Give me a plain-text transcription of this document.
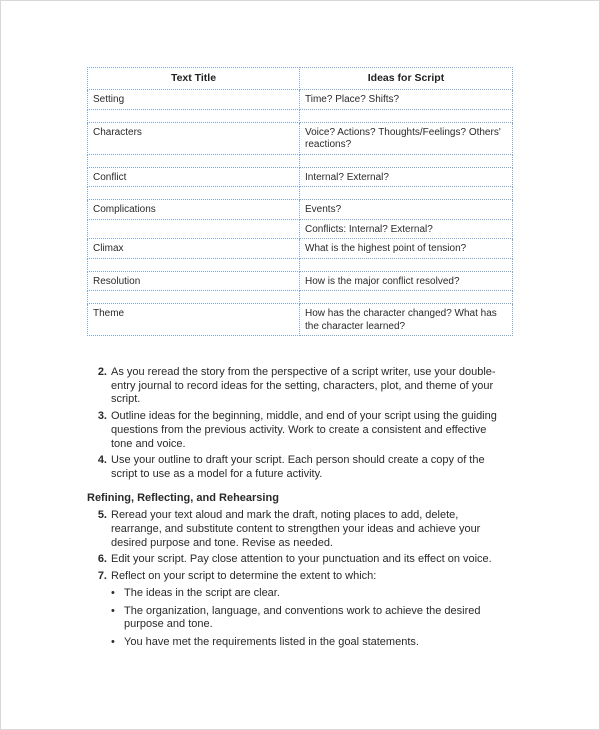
Text Title	Ideas for Script
Setting	Time? Place? Shifts?

Characters	Voice? Actions? Thoughts/Feelings? Others' reactions?

Conflict	Internal? External?

Complications	Events?
	Conflicts: Internal? External?
Climax	What is the highest point of tension?

Resolution	How is the major conflict resolved?

Theme	How has the character changed? What has the character learned?
2. As you reread the story from the perspective of a script writer, use your double-entry journal to record ideas for the setting, characters, plot, and theme of your script.
3. Outline ideas for the beginning, middle, and end of your script using the guiding questions from the previous activity. Work to create a consistent and effective tone and voice.
4. Use your outline to draft your script. Each person should create a copy of the script to use as a model for a future activity.
Refining, Reflecting, and Rehearsing
5. Reread your text aloud and mark the draft, noting places to add, delete, rearrange, and substitute content to strengthen your ideas and achieve your desired purpose and tone. Revise as needed.
6. Edit your script. Pay close attention to your punctuation and its effect on voice.
7. Reflect on your script to determine the extent to which:
• The ideas in the script are clear.
• The organization, language, and conventions work to achieve the desired purpose and tone.
• You have met the requirements listed in the goal statements.
